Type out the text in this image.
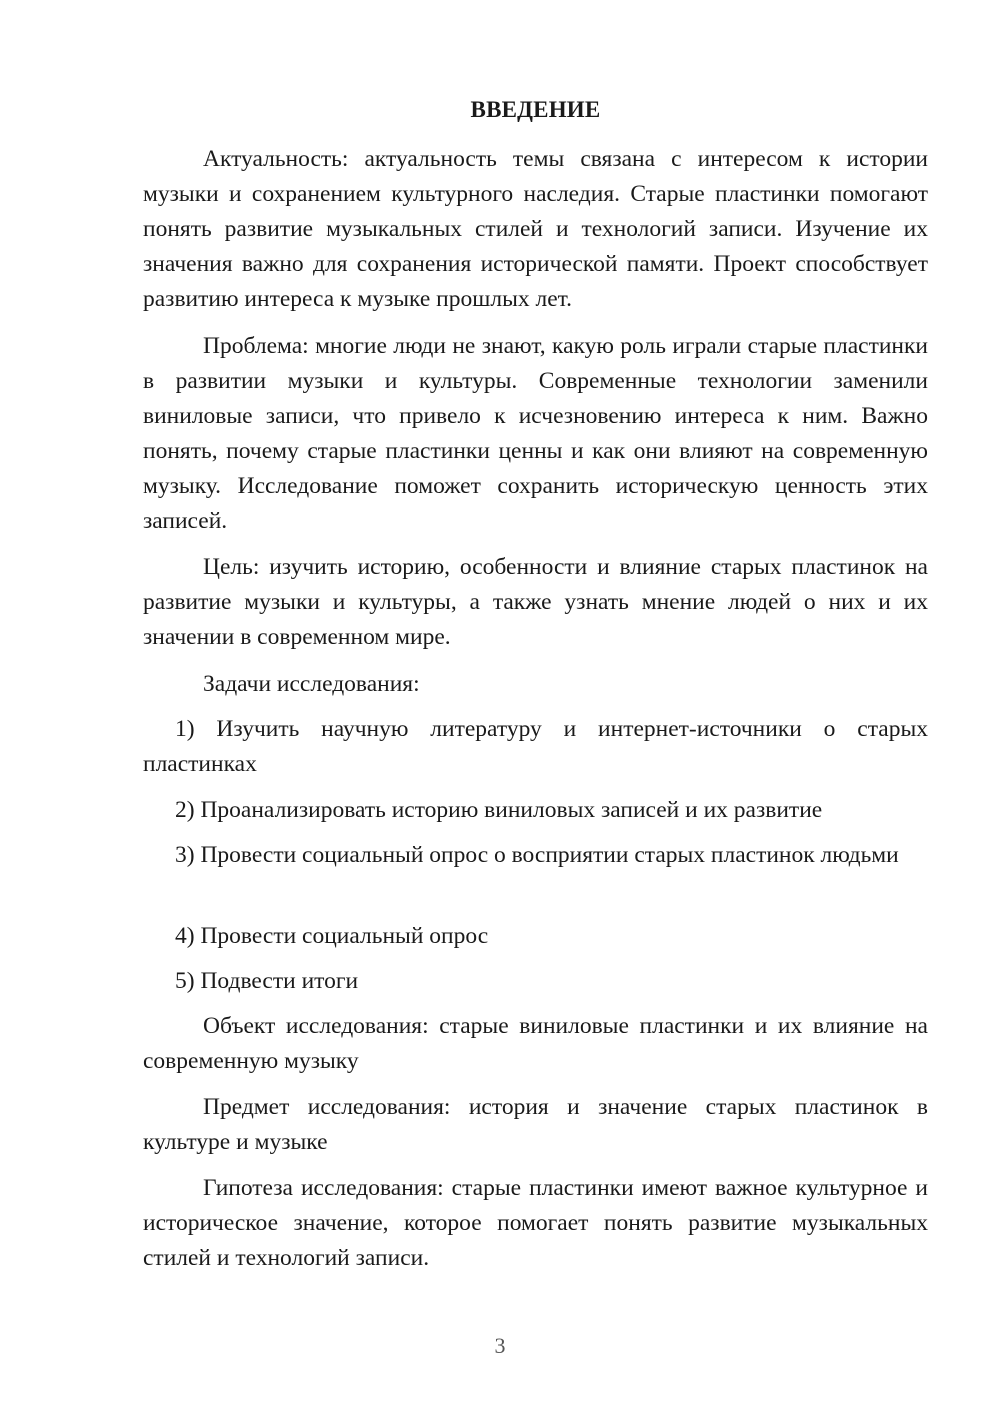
ВВЕДЕНИЕ

Актуальность: актуальность темы связана с интересом к истории музыки и сохранением культурного наследия. Старые пластинки помогают понять развитие музыкальных стилей и технологий записи. Изучение их значения важно для сохранения исторической памяти. Проект способствует развитию интереса к музыке прошлых лет.

Проблема: многие люди не знают, какую роль играли старые пластинки в развитии музыки и культуры. Современные технологии заменили виниловые записи, что привело к исчезновению интереса к ним. Важно понять, почему старые пластинки ценны и как они влияют на современную музыку. Исследование поможет сохранить историческую ценность этих записей.

Цель: изучить историю, особенности и влияние старых пластинок на развитие музыки и культуры, а также узнать мнение людей о них и их значении в современном мире.

Задачи исследования:

1) Изучить научную литературу и интернет-источники о старых пластинках

2) Проанализировать историю виниловых записей и их развитие

3) Провести социальный опрос о восприятии старых пластинок людьми

4) Провести социальный опрос

5) Подвести итоги

Объект исследования: старые виниловые пластинки и их влияние на современную музыку

Предмет исследования: история и значение старых пластинок в культуре и музыке

Гипотеза исследования: старые пластинки имеют важное культурное и историческое значение, которое помогает понять развитие музыкальных стилей и технологий записи.

3
